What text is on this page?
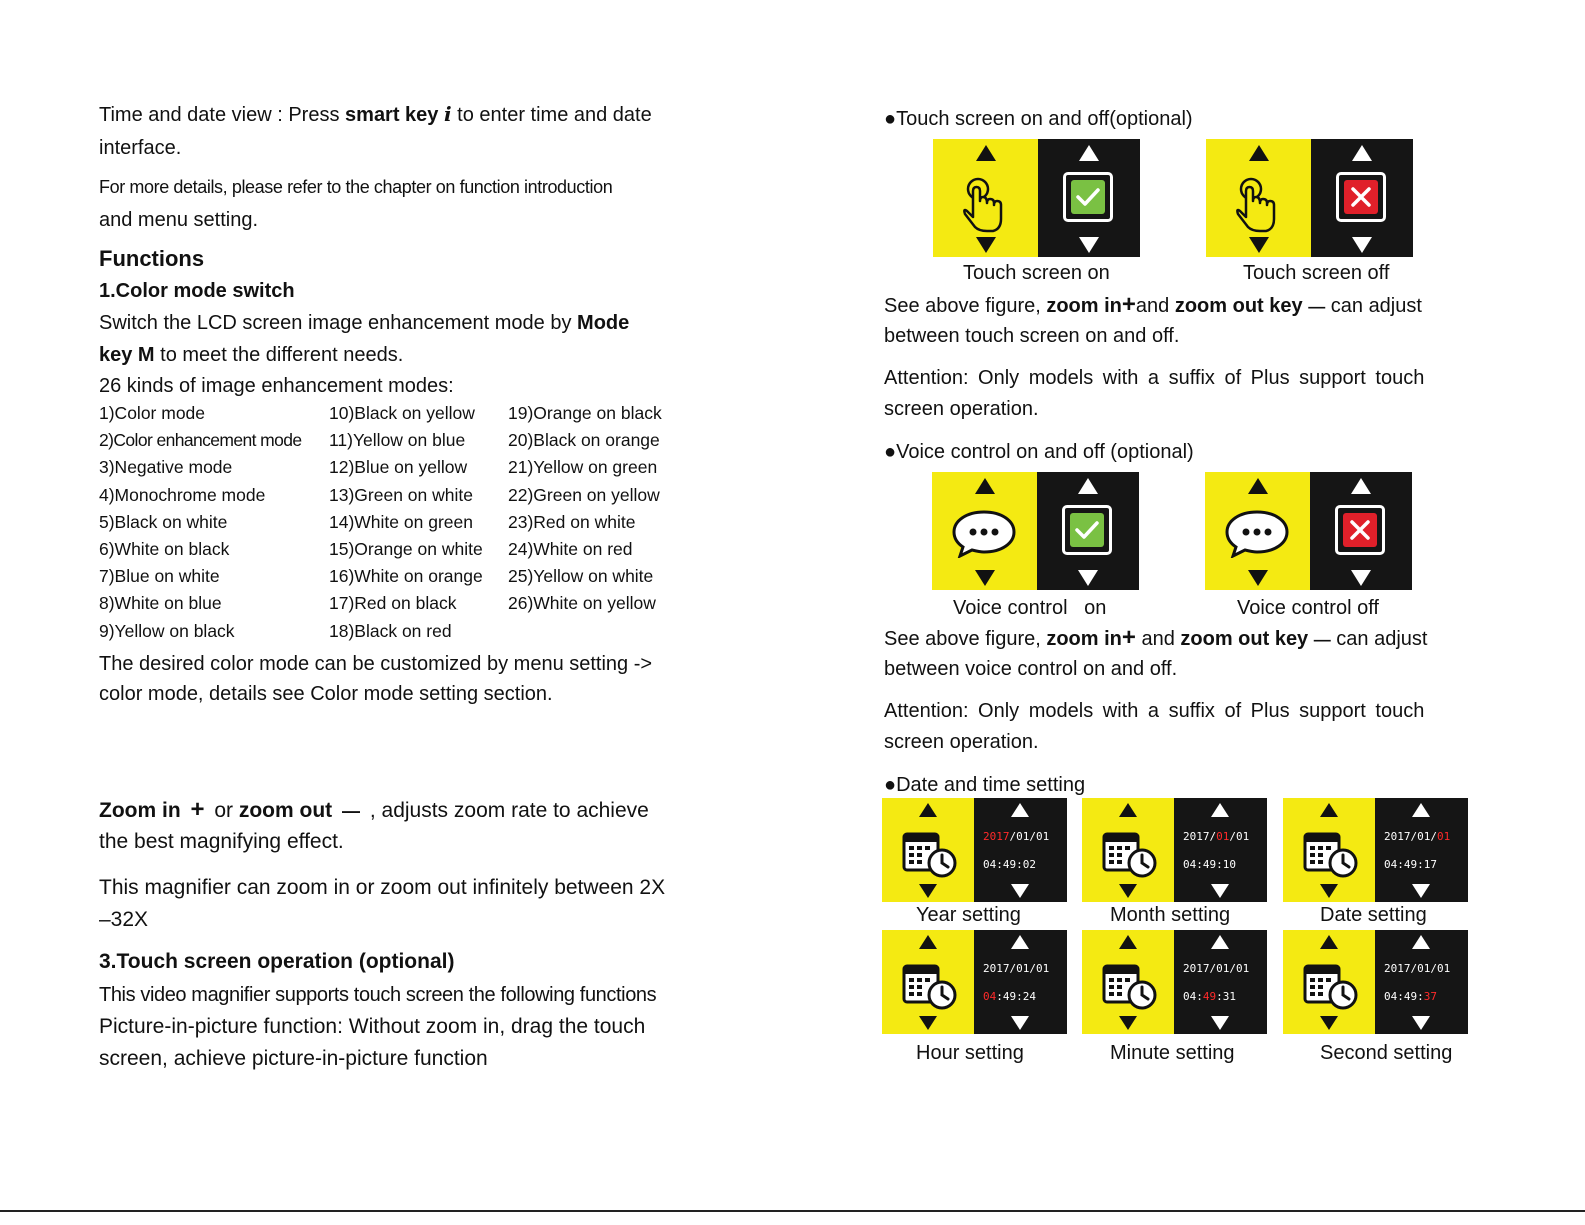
Time and date view : Press smart key i to enter time and date

interface.

For more details, please refer to the chapter on function introduction

and menu setting.

Functions

1.Color mode switch

Switch the LCD screen image enhancement mode by Mode

key M to meet the different needs.

26 kinds of image enhancement modes:

1)Color mode
2)Color enhancement mode
3)Negative mode
4)Monochrome mode
5)Black on white
6)White on black
7)Blue on white
8)White on blue
9)Yellow on black
10)Black on yellow
11)Yellow on blue
12)Blue on yellow
13)Green on white
14)White on green
15)Orange on white
16)White on orange
17)Red on black
18)Black on red
19)Orange on black
20)Black on orange
21)Yellow on green
22)Green on yellow
23)Red on white
24)White on red
25)Yellow on white
26)White on yellow

The desired color mode can be customized by menu setting ->

color mode, details see Color mode setting section.

Zoom in + or zoom out — , adjusts zoom rate to achieve

the best magnifying effect.

This magnifier can zoom in or zoom out infinitely between 2X

–32X

3.Touch screen operation (optional)

This video magnifier supports touch screen the following functions

Picture-in-picture function: Without zoom in, drag the touch

screen, achieve picture-in-picture function

●Touch screen on and off(optional)

Touch screen on	Touch screen off

See above figure, zoom in+and zoom out key — can adjust

between touch screen on and off.

Attention: Only models with a suffix of Plus support touch

screen operation.

●Voice control on and off (optional)

Voice control   on	Voice control off

See above figure, zoom in+ and zoom out key — can adjust

between voice control on and off.

Attention: Only models with a suffix of Plus support touch

screen operation.

●Date and time setting

2017/01/01
04:49:02
Year setting
2017/01/01
04:49:10
Month setting
2017/01/01
04:49:17
Date setting
2017/01/01
04:49:24
Hour setting
2017/01/01
04:49:31
Minute setting
2017/01/01
04:49:37
Second setting
